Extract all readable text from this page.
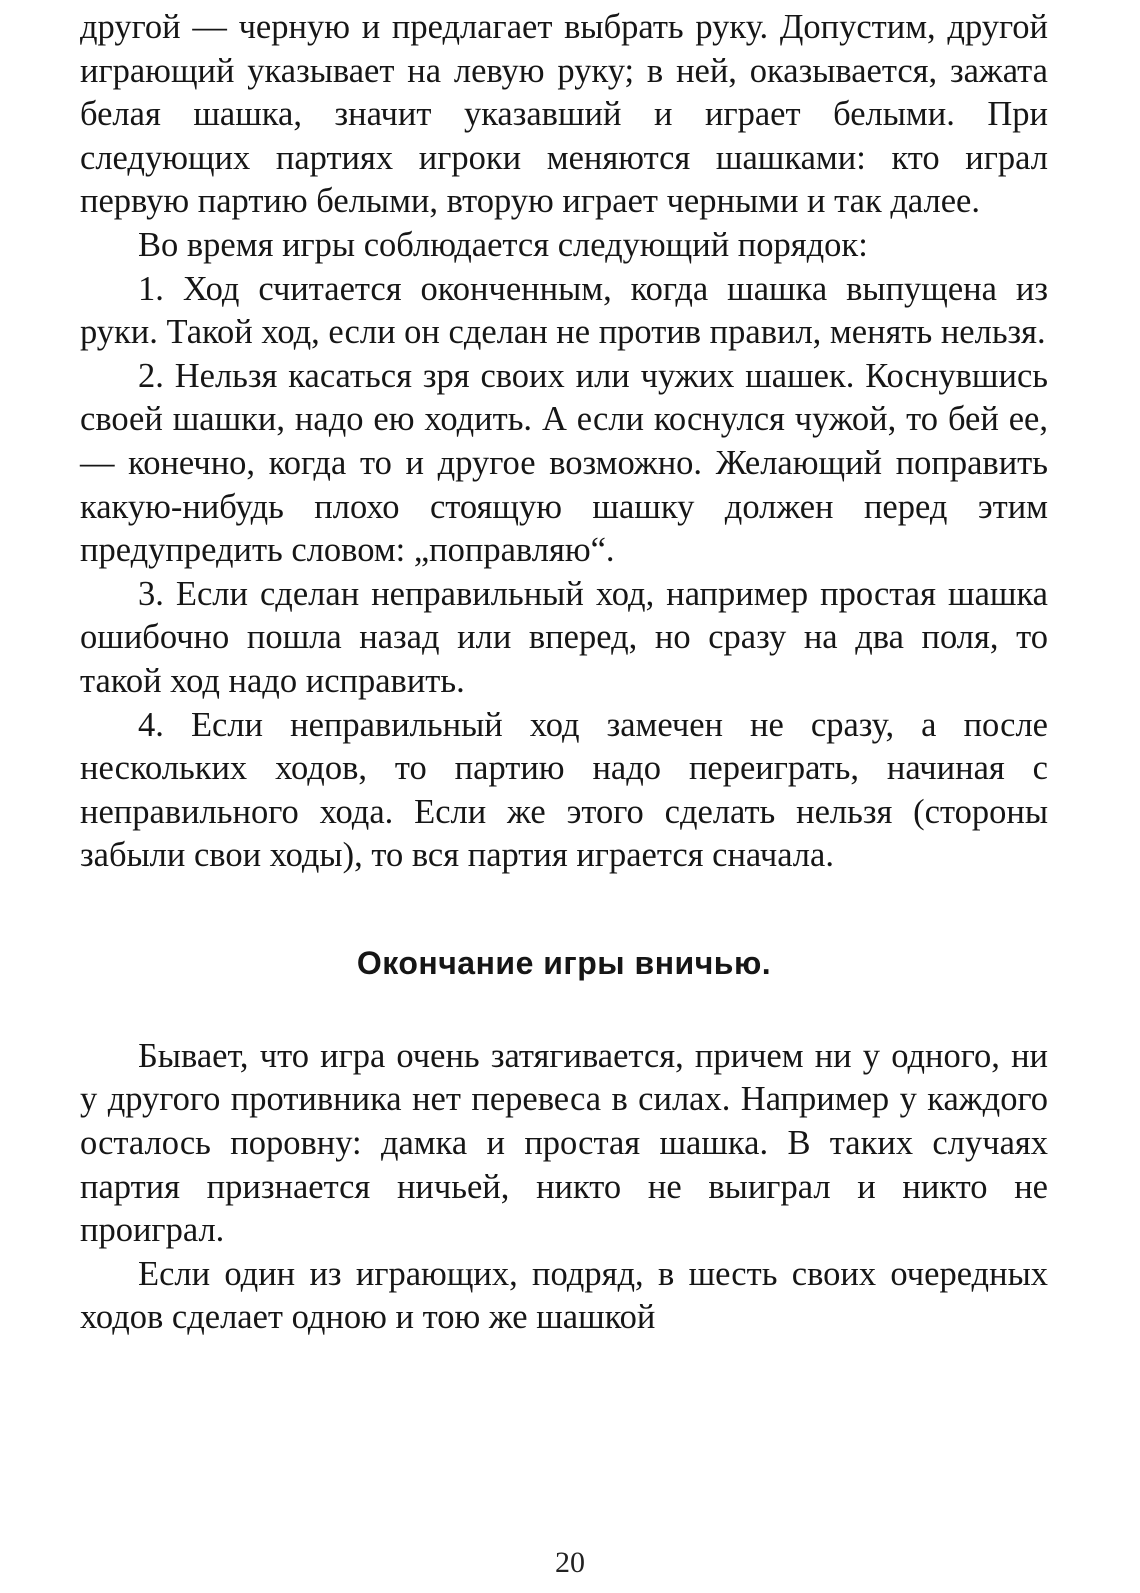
другой — черную и предлагает выбрать руку. Допустим, другой играющий указывает на левую руку; в ней, оказывается, зажата белая шашка, значит указавший и играет белыми. При следующих партиях игроки меняются шашками: кто играл первую партию белыми, вторую играет черными и так далее.

Во время игры соблюдается следующий порядок:

1. Ход считается оконченным, когда шашка выпущена из руки. Такой ход, если он сделан не против правил, менять нельзя.

2. Нельзя касаться зря своих или чужих шашек. Коснувшись своей шашки, надо ею ходить. А если коснулся чужой, то бей ее, — конечно, когда то и другое возможно. Желающий поправить какую-нибудь плохо стоящую шашку должен перед этим предупредить словом: „поправляю“.

3. Если сделан неправильный ход, например простая шашка ошибочно пошла назад или вперед, но сразу на два поля, то такой ход надо исправить.

4. Если неправильный ход замечен не сразу, а после нескольких ходов, то партию надо переиграть, начиная с неправильного хода. Если же этого сделать нельзя (стороны забыли свои ходы), то вся партия играется сначала.

Окончание игры вничью.

Бывает, что игра очень затягивается, причем ни у одного, ни у другого противника нет перевеса в силах. Например у каждого осталось поровну: дамка и простая шашка. В таких случаях партия признается ничьей, никто не выиграл и никто не проиграл.

Если один из играющих, подряд, в шесть своих очередных ходов сделает одною и тою же шашкой

20
